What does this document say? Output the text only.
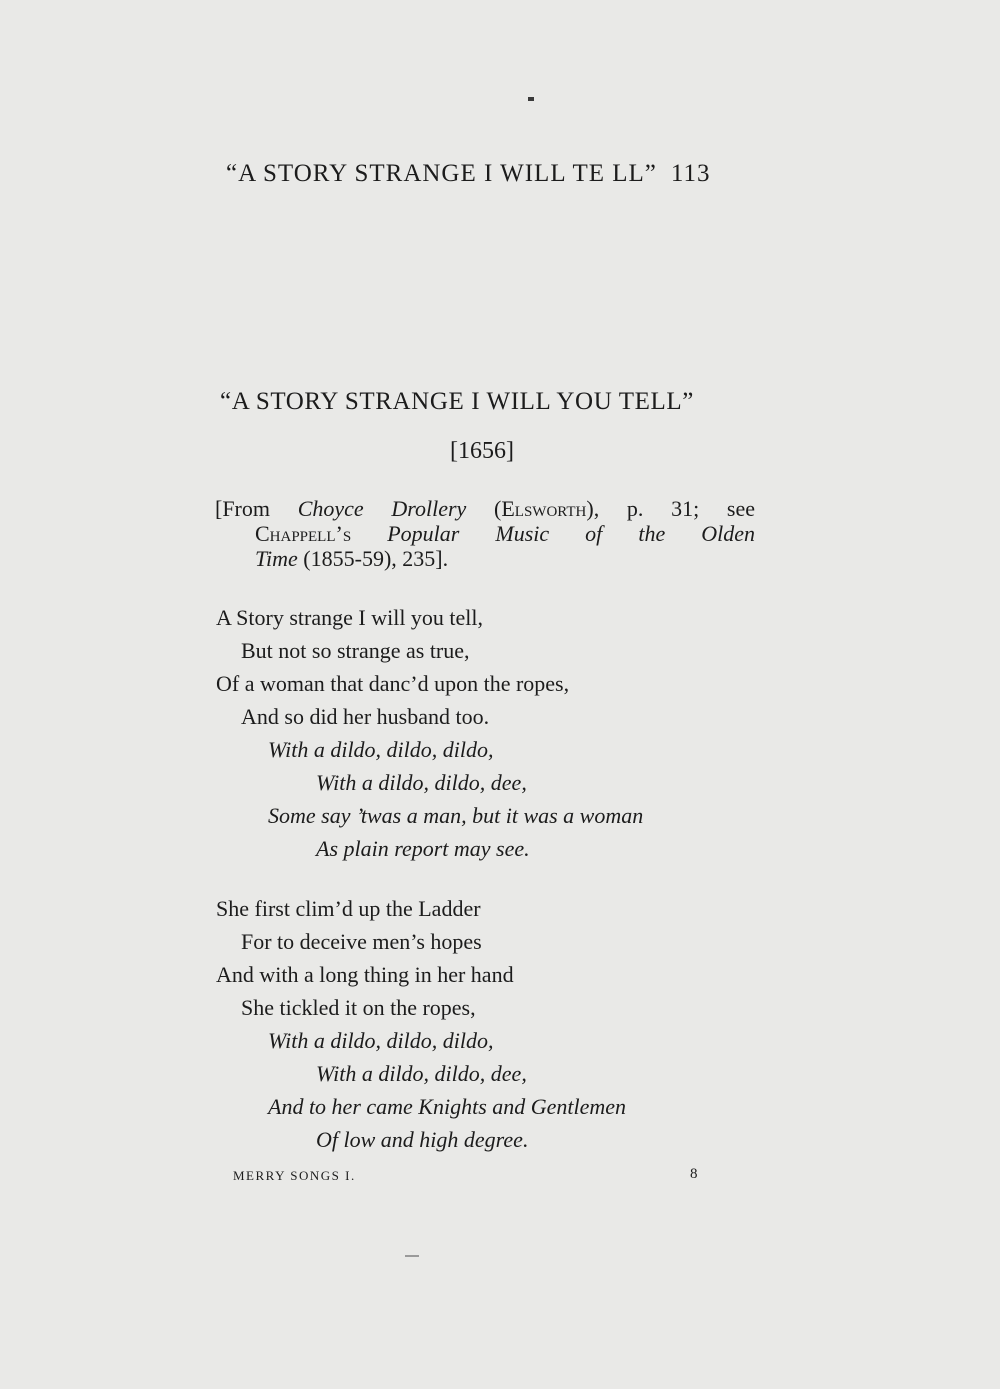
“A STORY STRANGE I WILL TE LL” 113
“A STORY STRANGE I WILL YOU TELL”
[1656]
[From Choyce Drollery (Elsworth), p. 31; see
Chappell’s Popular Music of the Olden
Time (1855-59), 235].
A Story strange I will you tell,
But not so strange as true,
Of a woman that danc’d upon the ropes,
And so did her husband too.
With a dildo, dildo, dildo,
With a dildo, dildo, dee,
Some say ’twas a man, but it was a woman
As plain report may see.
She first clim’d up the Ladder
For to deceive men’s hopes
And with a long thing in her hand
She tickled it on the ropes,
With a dildo, dildo, dildo,
With a dildo, dildo, dee,
And to her came Knights and Gentlemen
Of low and high degree.
MERRY SONGS I.	8
